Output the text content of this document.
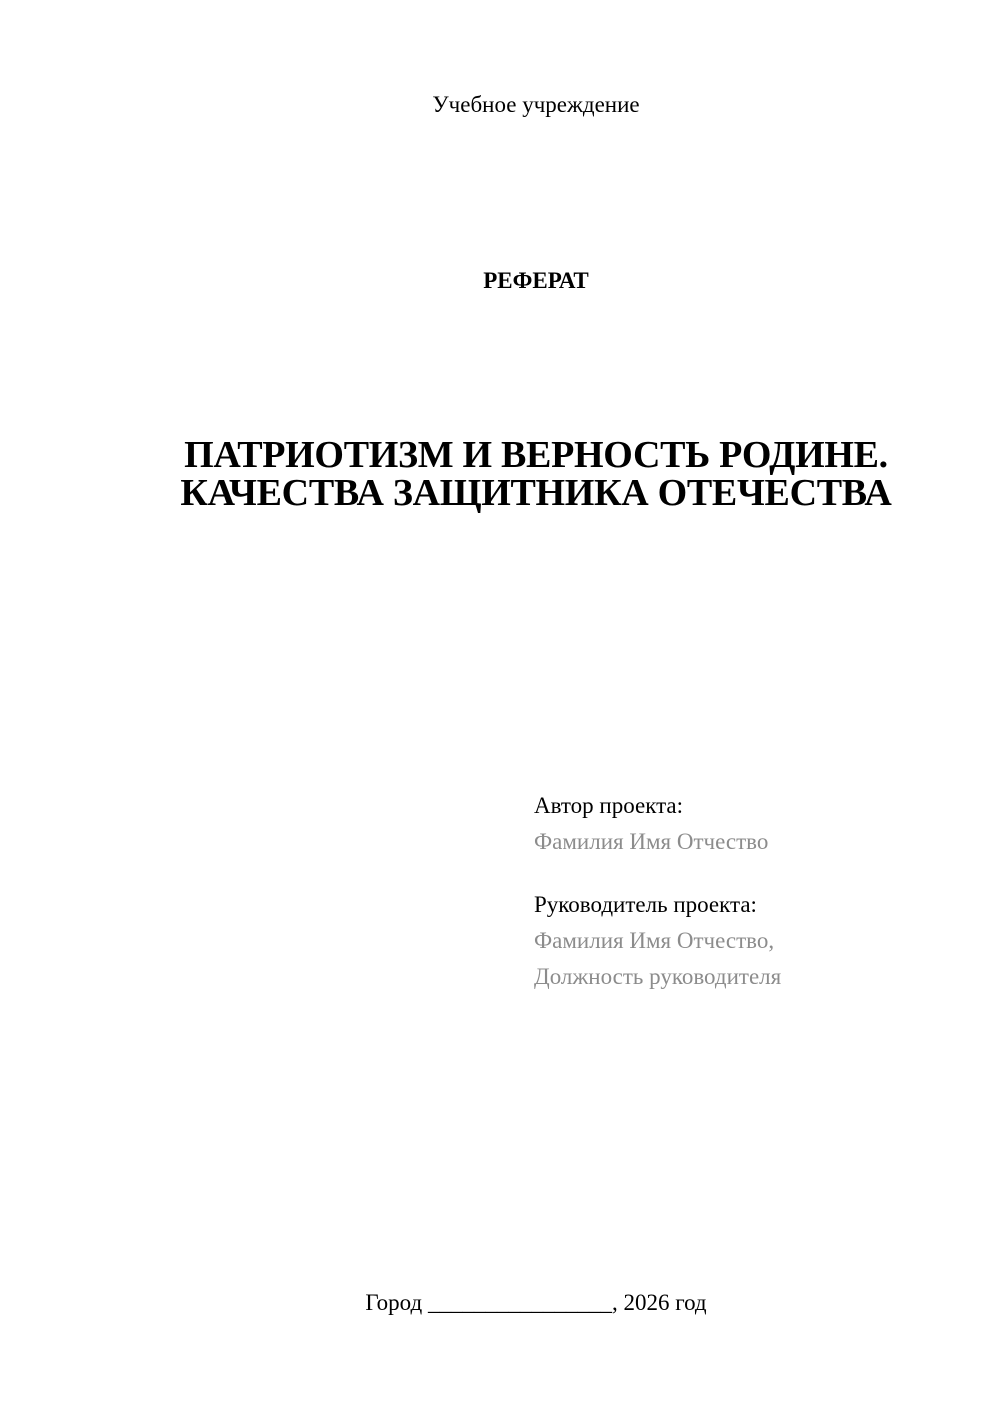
Учебное учреждение
РЕФЕРАТ
ПАТРИОТИЗМ И ВЕРНОСТЬ РОДИНЕ.
КАЧЕСТВА ЗАЩИТНИКА ОТЕЧЕСТВА
Автор проекта:
Фамилия Имя Отчество
Руководитель проекта:
Фамилия Имя Отчество,
Должность руководителя
Город ________________, 2026 год
